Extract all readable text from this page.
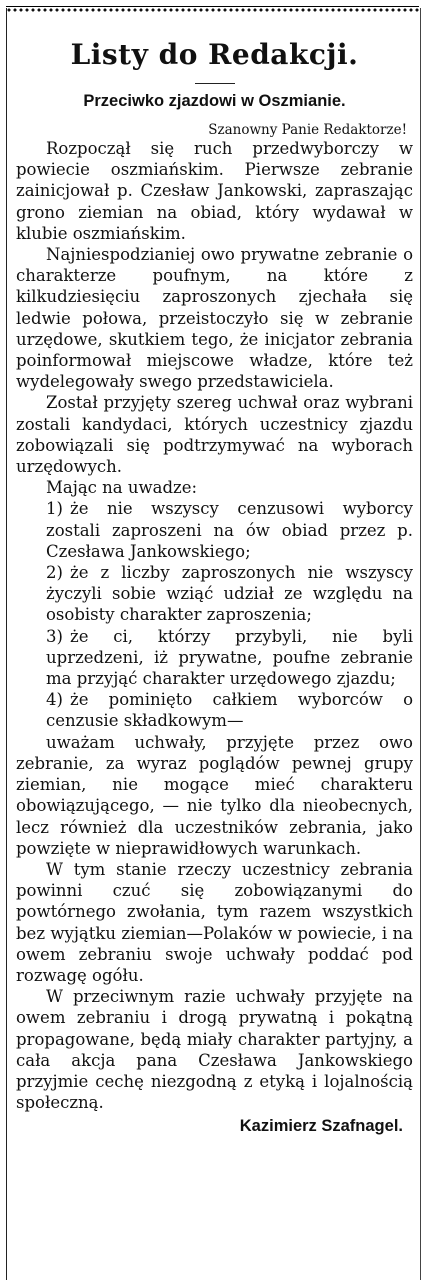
Listy do Redakcji.
Przeciwko zjazdowi w Oszmianie.
Szanowny Panie Redaktorze!

Rozpoczął się ruch przedwyborczy w powiecie oszmiańskim. Pierwsze zebranie zainicjował p. Czesław Jankowski, zapraszając grono ziemian na obiad, który wydawał w klubie oszmiańskim.

Najniespodzianiej owo prywatne zebranie o charakterze poufnym, na które z kilkudziesięciu zaproszonych zjechała się ledwie połowa, przeistoczyło się w zebranie urzędowe, skutkiem tego, że inicjator zebrania poinformował miejscowe władze, które też wydelegowały swego przedstawiciela.

Został przyjęty szereg uchwał oraz wybrani zostali kandydaci, których uczestnicy zjazdu zobowiązali się podtrzymywać na wyborach urzędowych.

Mając na uwadze:

1) że nie wszyscy cenzusowi wyborcy zostali zaproszeni na ów obiad przez p. Czesława Jankowskiego;

2) że z liczby zaproszonych nie wszyscy życzyli sobie wziąć udział ze względu na osobisty charakter zaproszenia;

3) że ci, którzy przybyli, nie byli uprzedzeni, iż prywatne, poufne zebranie ma przyjąć charakter urzędowego zjazdu;

4) że pominięto całkiem wyborców o cenzusie składkowym—

uważam uchwały, przyjęte przez owo zebranie, za wyraz poglądów pewnej grupy ziemian, nie mogące mieć charakteru obowiązującego, — nie tylko dla nieobecnych, lecz również dla uczestników zebrania, jako powzięte w nieprawidłowych warunkach.

W tym stanie rzeczy uczestnicy zebrania powinni czuć się zobowiązanymi do powtórnego zwołania, tym razem wszystkich bez wyjątku ziemian—Polaków w powiecie, i na owem zebraniu swoje uchwały poddać pod rozwagę ogółu.

W przeciwnym razie uchwały przyjęte na owem zebraniu i drogą prywatną i pokątną propagowane, będą miały charakter partyjny, a cała akcja pana Czesława Jankowskiego przyjmie cechę niezgodną z etyką i lojalnością społeczną.

Kazimierz Szafnagel.
